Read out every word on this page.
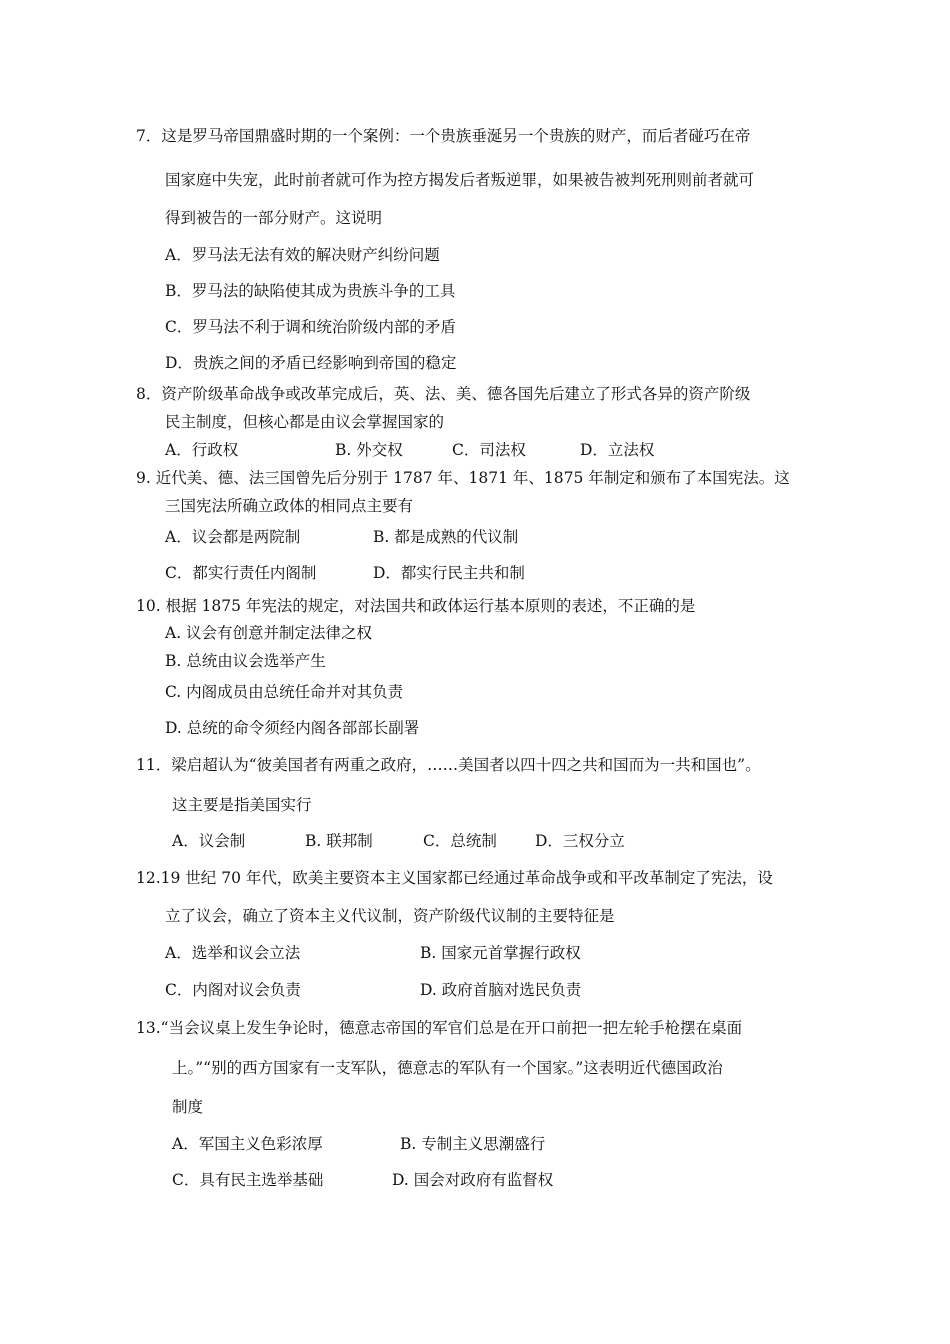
7．这是罗马帝国鼎盛时期的一个案例：一个贵族垂涎另一个贵族的财产，而后者碰巧在帝
国家庭中失宠，此时前者就可作为控方揭发后者叛逆罪，如果被告被判死刑则前者就可
得到被告的一部分财产。这说明
A．罗马法无法有效的解决财产纠纷问题
B．罗马法的缺陷使其成为贵族斗争的工具
C．罗马法不利于调和统治阶级内部的矛盾
D．贵族之间的矛盾已经影响到帝国的稳定
8．资产阶级革命战争或改革完成后，英、法、美、德各国先后建立了形式各异的资产阶级
民主制度，但核心都是由议会掌握国家的
A．行政权	B. 外交权	C．司法权	D．立法权
9. 近代美、德、法三国曾先后分别于 1787 年、1871 年、1875 年制定和颁布了本国宪法。这
三国宪法所确立政体的相同点主要有
A．议会都是两院制	B. 都是成熟的代议制
C．都实行责任内阁制	D．都实行民主共和制
10. 根据 1875 年宪法的规定，对法国共和政体运行基本原则的表述，不正确的是
A. 议会有创意并制定法律之权
B. 总统由议会选举产生
C. 内阁成员由总统任命并对其负责
D. 总统的命令须经内阁各部部长副署
11．梁启超认为“彼美国者有两重之政府，……美国者以四十四之共和国而为一共和国也”。
这主要是指美国实行
A．议会制	B. 联邦制	C．总统制 D．三权分立
12.19 世纪 70 年代，欧美主要资本主义国家都已经通过革命战争或和平改革制定了宪法，设
立了议会，确立了资本主义代议制，资产阶级代议制的主要特征是
A．选举和议会立法	B. 国家元首掌握行政权
C．内阁对议会负责	D. 政府首脑对选民负责
13.“当会议桌上发生争论时，德意志帝国的军官们总是在开口前把一把左轮手枪摆在桌面
上。”“别的西方国家有一支军队，德意志的军队有一个国家。”这表明近代德国政治
制度
A．军国主义色彩浓厚	B. 专制主义思潮盛行
C．具有民主选举基础	D. 国会对政府有监督权
